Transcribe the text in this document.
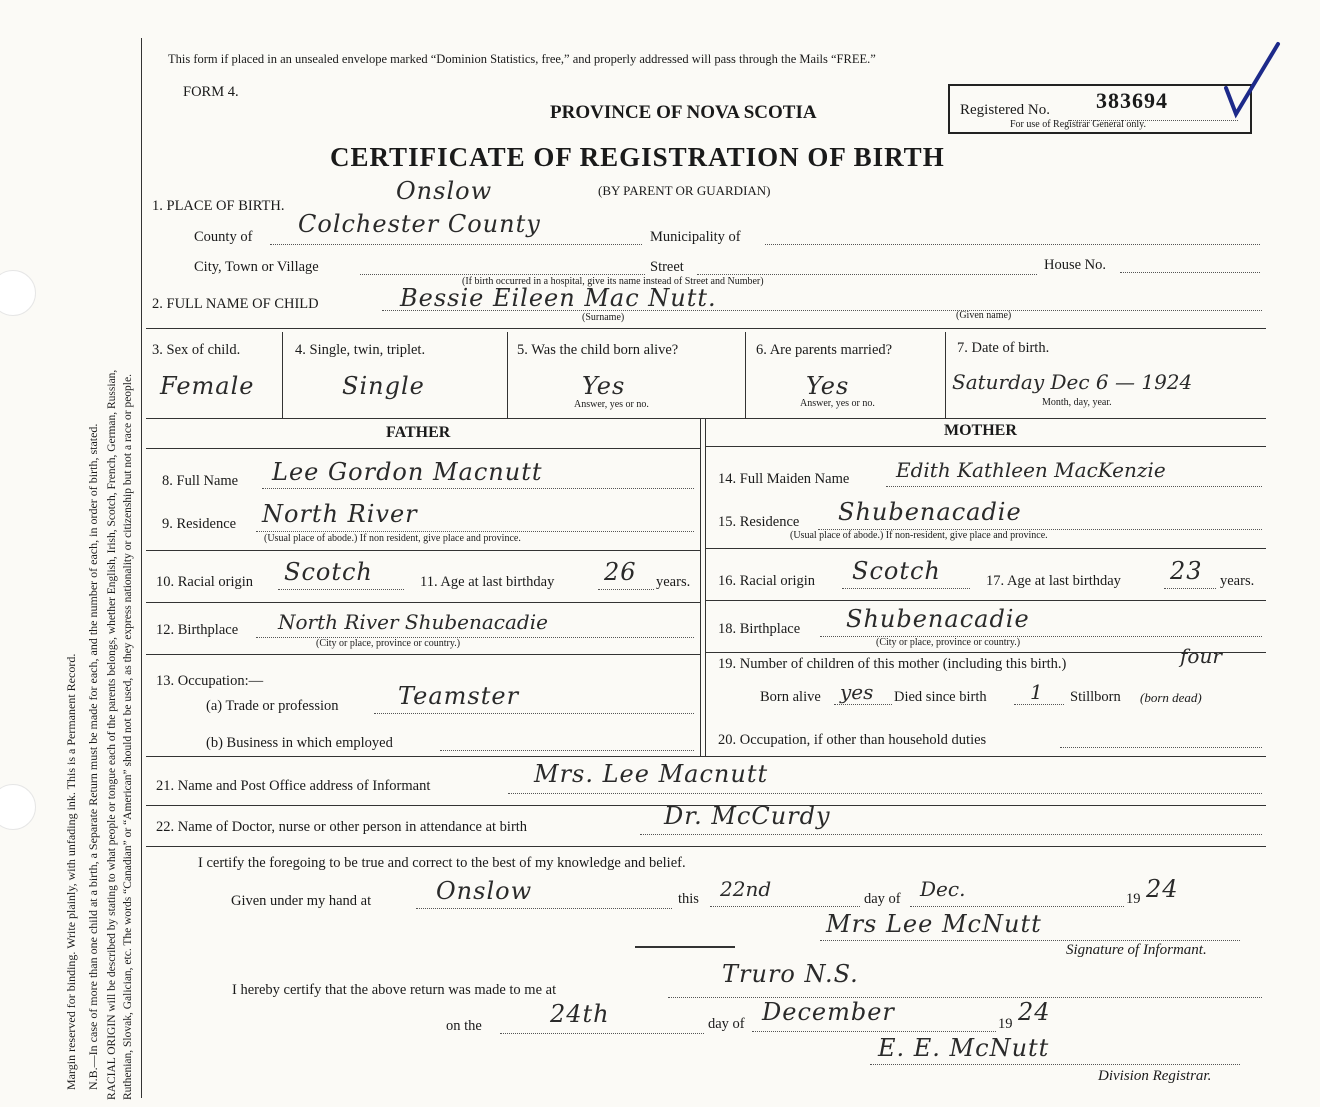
Margin reserved for binding. Write plainly, with unfading ink. This is a Permanent Record. N.B.—In case of more than one child at a birth, a Separate Return must be made for each, and the number of each, in order of birth, stated. RACIAL ORIGIN will be described by stating to what people or tongue each of the parents belongs, whether English, Irish, Scotch, French, German, Russian, Ruthenian, Slovak, Galician, etc. The words “Canadian” or “American” should not be used, as they express nationality or citizenship but not a race or people.
This form if placed in an unsealed envelope marked “Dominion Statistics, free,” and properly addressed will pass through the Mails “FREE.”
FORM 4.
PROVINCE OF NOVA SCOTIA
CERTIFICATE OF REGISTRATION OF BIRTH
(BY PARENT OR GUARDIAN)
Registered No. 383694
For use of Registrar General only.
1. PLACE OF BIRTH.
Onslow
County of Colchester County	Municipality of
City, Town or Village	Street	House No.
(If birth occurred in a hospital, give its name instead of Street and Number)
2. FULL NAME OF CHILD	Bessie Eileen Mac Nutt.
(Surname)	(Given name)
3. Sex of child.
Female
4. Single, twin, triplet.
Single
5. Was the child born alive?
Yes
Answer, yes or no.
6. Are parents married?
Yes
Answer, yes or no.
7. Date of birth.
Saturday Dec 6 — 1924
Month, day, year.
FATHER
8. Full Name Lee Gordon Macnutt
9. Residence North River
(Usual place of abode.) If non resident, give place and province.
10. Racial origin Scotch	11. Age at last birthday 26 years.
12. Birthplace North River Shubenacadie
(City or place, province or country.)
13. Occupation:—
(a) Trade or profession Teamster
(b) Business in which employed
MOTHER
14. Full Maiden Name Edith Kathleen MacKenzie
15. Residence Shubenacadie
(Usual place of abode.) If non-resident, give place and province.
16. Racial origin Scotch	17. Age at last birthday 23 years.
18. Birthplace Shubenacadie
(City or place, province or country.)
19. Number of children of this mother (including this birth.)	four
Born alive yes Died since birth 1 Stillborn (born dead)
20. Occupation, if other than household duties
21. Name and Post Office address of Informant	Mrs. Lee Macnutt
22. Name of Doctor, nurse or other person in attendance at birth	Dr. McCurdy
I certify the foregoing to be true and correct to the best of my knowledge and belief.
Given under my hand at	Onslow	this 22nd	day of Dec.	19 24
Mrs Lee McNutt
Signature of Informant.
I hereby certify that the above return was made to me at
Truro N.S.
on the	24th	day of December	19 24
E. E. McNutt
Division Registrar.
